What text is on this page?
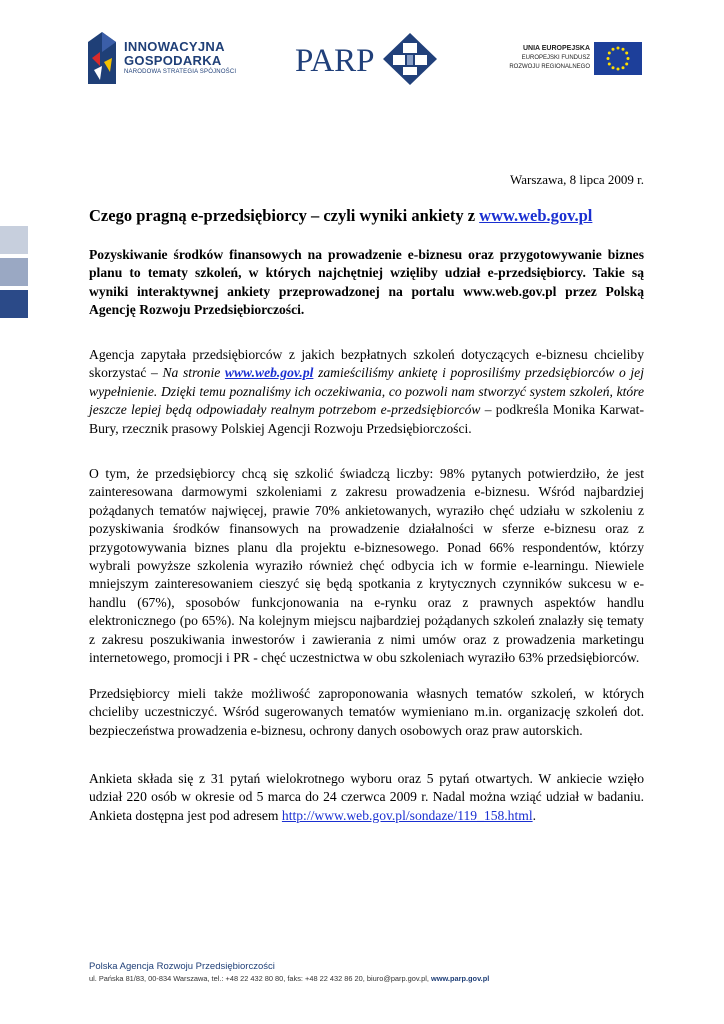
INNOWACYJNA
GOSPODARKA
NARODOWA STRATEGIA SPÓJNOŚCI PARP	UNIA EUROPEJSKA
EUROPEJSKI FUNDUSZ
ROZWOJU REGIONALNEGO
Warszawa, 8 lipca 2009 r.
Czego pragną e-przedsiębiorcy – czyli wyniki ankiety z www.web.gov.pl
Pozyskiwanie środków finansowych na prowadzenie e-biznesu oraz przygotowywanie biznes planu to tematy szkoleń, w których najchętniej wzięliby udział e-przedsiębiorcy. Takie są wyniki interaktywnej ankiety przeprowadzonej na portalu www.web.gov.pl przez Polską Agencję Rozwoju Przedsiębiorczości.
Agencja zapytała przedsiębiorców z jakich bezpłatnych szkoleń dotyczących e-biznesu chcieliby skorzystać – Na stronie www.web.gov.pl zamieściliśmy ankietę i poprosiliśmy przedsiębiorców o jej wypełnienie. Dzięki temu poznaliśmy ich oczekiwania, co pozwoli nam stworzyć system szkoleń, które jeszcze lepiej będą odpowiadały realnym potrzebom e-przedsiębiorców – podkreśla Monika Karwat-Bury, rzecznik prasowy Polskiej Agencji Rozwoju Przedsiębiorczości.
O tym, że przedsiębiorcy chcą się szkolić świadczą liczby: 98% pytanych potwierdziło, że jest zainteresowana darmowymi szkoleniami z zakresu prowadzenia e-biznesu. Wśród najbardziej pożądanych tematów najwięcej, prawie 70% ankietowanych, wyraziło chęć udziału w szkoleniu z pozyskiwania środków finansowych na prowadzenie działalności w sferze e-biznesu oraz z przygotowywania biznes planu dla projektu e-biznesowego. Ponad 66% respondentów, którzy wybrali powyższe szkolenia wyraziło również chęć odbycia ich w formie e-learningu. Niewiele mniejszym zainteresowaniem cieszyć się będą spotkania z krytycznych czynników sukcesu w e-handlu (67%), sposobów funkcjonowania na e-rynku oraz z prawnych aspektów handlu elektronicznego (po 65%). Na kolejnym miejscu najbardziej pożądanych szkoleń znalazły się tematy z zakresu poszukiwania inwestorów i zawierania z nimi umów oraz z prowadzenia marketingu internetowego, promocji i PR - chęć uczestnictwa w obu szkoleniach wyraziło 63% przedsiębiorców.
Przedsiębiorcy mieli także możliwość zaproponowania własnych tematów szkoleń, w których chcieliby uczestniczyć. Wśród sugerowanych tematów wymieniano m.in. organizację szkoleń dot. bezpieczeństwa prowadzenia e-biznesu, ochrony danych osobowych oraz praw autorskich.
Ankieta składa się z 31 pytań wielokrotnego wyboru oraz 5 pytań otwartych. W ankiecie wzięło udział 220 osób w okresie od 5 marca do 24 czerwca 2009 r. Nadal można wziąć udział w badaniu. Ankieta dostępna jest pod adresem http://www.web.gov.pl/sondaze/119_158.html.
Polska Agencja Rozwoju Przedsiębiorczości
ul. Pańska 81/83, 00-834 Warszawa, tel.: +48 22 432 80 80, faks: +48 22 432 86 20, biuro@parp.gov.pl, www.parp.gov.pl
